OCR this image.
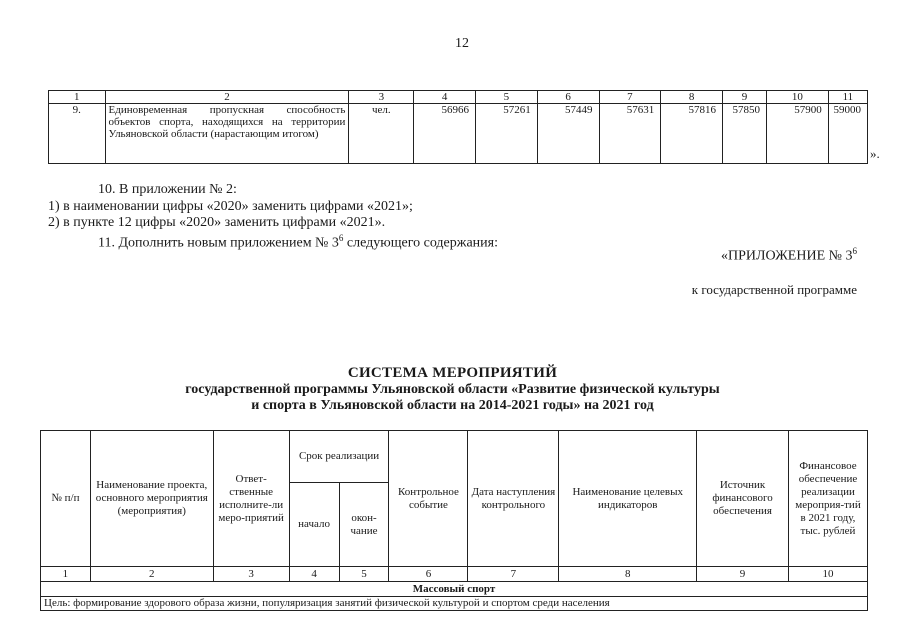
12
1	2	3	4	5	6	7	8	9	10	11
9.	Единовременная пропускная способность объектов спорта, находящихся на территории Ульяновской области (нарастающим итогом)	чел.	56966	57261	57449	57631	57816	57850	57900	59000
».
10. В приложении № 2:
1) в наименовании цифры «2020» заменить цифрами «2021»;
2) в пункте 12 цифры «2020» заменить цифрами «2021».
11. Дополнить новым приложением № $3^6$ следующего содержания:
«ПРИЛОЖЕНИЕ № $3^6$
к государственной программе
СИСТЕМА МЕРОПРИЯТИЙ
государственной программы Ульяновской области «Развитие физической культуры
и спорта в Ульяновской области на 2014-2021 годы» на 2021 год
№ п/п	Наименование проекта, основного мероприятия (мероприятия)	Ответ-ственные исполните-ли меро-приятий	Срок реализации		Контрольное событие	Дата наступления контрольного	Наименование целевых индикаторов	Источник финансового обеспечения	Финансовое обеспечение реализации мероприя-тий в 2021 году, тыс. рублей
			начало	окон-чание					
1	2	3	4	5	6	7	8	9	10
Массовый спорт									
Цель: формирование здорового образа жизни, популяризация занятий физической культурой и спортом среди населения									
